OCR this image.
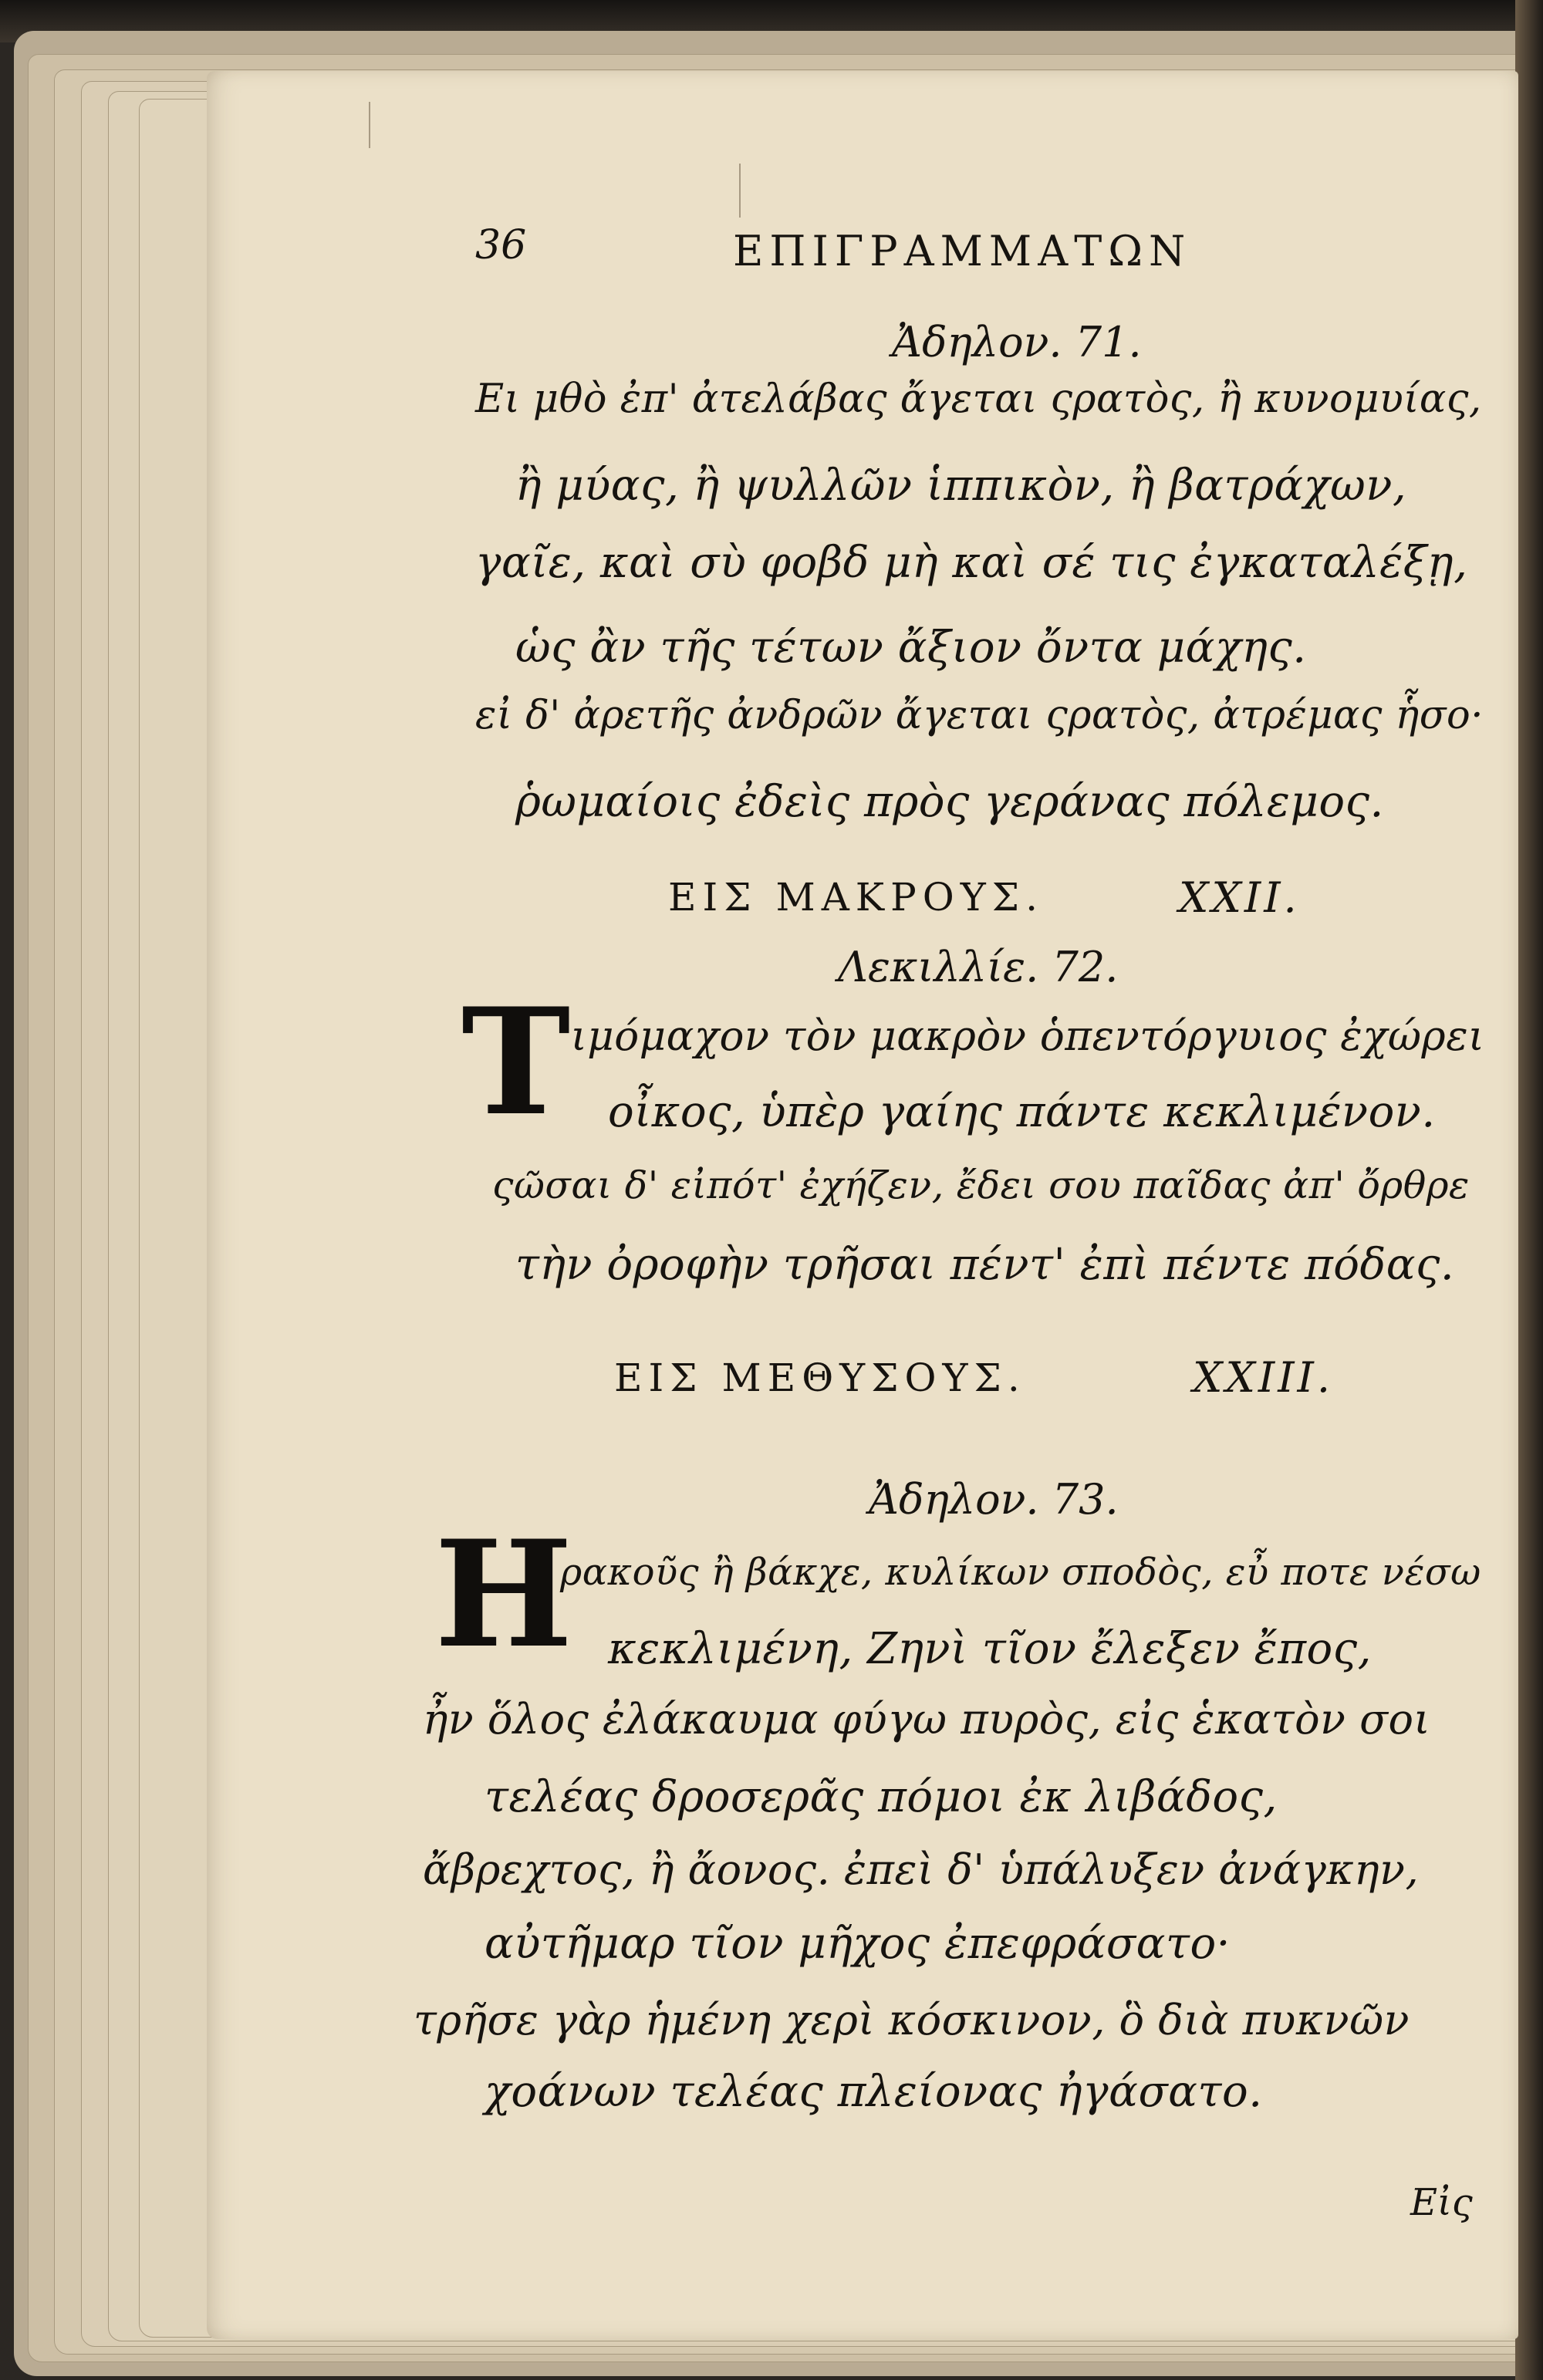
36	ΕΠΙΓΡΑΜΜΑΤΩΝ
Ἀδηλον. 71.
Ει μθὸ ἐπ' ἀτελάβας ἄγεται ςρατὸς, ἢ κυνομυίας,
ἢ μύας, ἢ ψυλλῶν ἱππικὸν, ἢ βατράχων,
γαῖε, καὶ σὺ φοβδ μὴ καὶ σέ τις ἐγκαταλέξῃ,
ὡς ἂν τῆς τέτων ἄξιον ὄντα μάχης.
εἰ δ' ἀρετῆς ἀνδρῶν ἄγεται ςρατὸς, ἀτρέμας ἧσο·
ῥωμαίοις ἐδεὶς πρὸς γεράνας πόλεμος.
ΕΙΣ ΜΑΚΡΟΥΣ.	XXII.
Λεκιλλίε. 72.
T ιμόμαχον τὸν μακρὸν ὁπεντόργυιος ἐχώρει
οἶκος, ὑπὲρ γαίης πάντε κεκλιμένον.
ςῶσαι δ' εἰπότ' ἐχήζεν, ἔδει σου παῖδας ἀπ' ὄρθρε
τὴν ὀροφὴν τρῆσαι πέντ' ἐπὶ πέντε πόδας.
ΕΙΣ ΜΕΘΥΣΟΥΣ.	XXIII.
Ἀδηλον. 73.
H
ρακοῦς ἢ βάκχε, κυλίκων σποδὸς, εὖ ποτε νέσω
κεκλιμένη, Ζηνὶ τῖον ἔλεξεν ἔπος,
ἦν ὅλος ἐλάκαυμα φύγω πυρὸς, εἰς ἑκατὸν σοι
τελέας δροσερᾶς πόμοι ἐκ λιβάδος,
ἄβρεχτος, ἢ ἄονος. ἐπεὶ δ' ὑπάλυξεν ἀνάγκην,
αὐτῆμαρ τῖον μῆχος ἐπεφράσατο·
τρῆσε γὰρ ἡμένη χερὶ κόσκινον, ὃ διὰ πυκνῶν
χοάνων τελέας πλείονας ἠγάσατο.
Εἰς
